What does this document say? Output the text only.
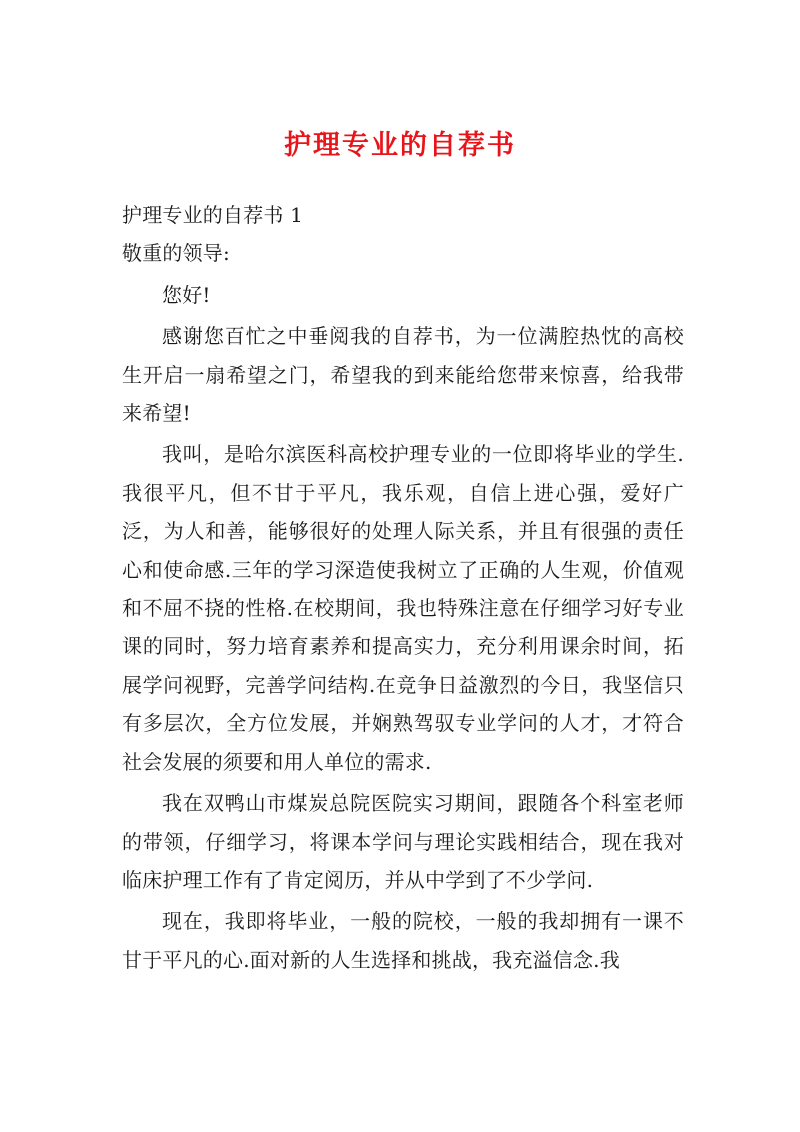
护理专业的自荐书

护理专业的自荐书 1

敬重的领导:

您好!

感谢您百忙之中垂阅我的自荐书，为一位满腔热忱的高校生开启一扇希望之门，希望我的到来能给您带来惊喜，给我带来希望!

我叫，是哈尔滨医科高校护理专业的一位即将毕业的学生.我很平凡，但不甘于平凡，我乐观，自信上进心强，爱好广泛，为人和善，能够很好的处理人际关系，并且有很强的责任心和使命感.三年的学习深造使我树立了正确的人生观，价值观和不屈不挠的性格.在校期间，我也特殊注意在仔细学习好专业课的同时，努力培育素养和提高实力，充分利用课余时间，拓展学问视野，完善学问结构.在竞争日益激烈的今日，我坚信只有多层次，全方位发展，并娴熟驾驭专业学问的人才，才符合社会发展的须要和用人单位的需求.

我在双鸭山市煤炭总院医院实习期间，跟随各个科室老师的带领，仔细学习，将课本学问与理论实践相结合，现在我对临床护理工作有了肯定阅历，并从中学到了不少学问.

现在，我即将毕业，一般的院校，一般的我却拥有一课不甘于平凡的心.面对新的人生选择和挑战，我充溢信念.我
